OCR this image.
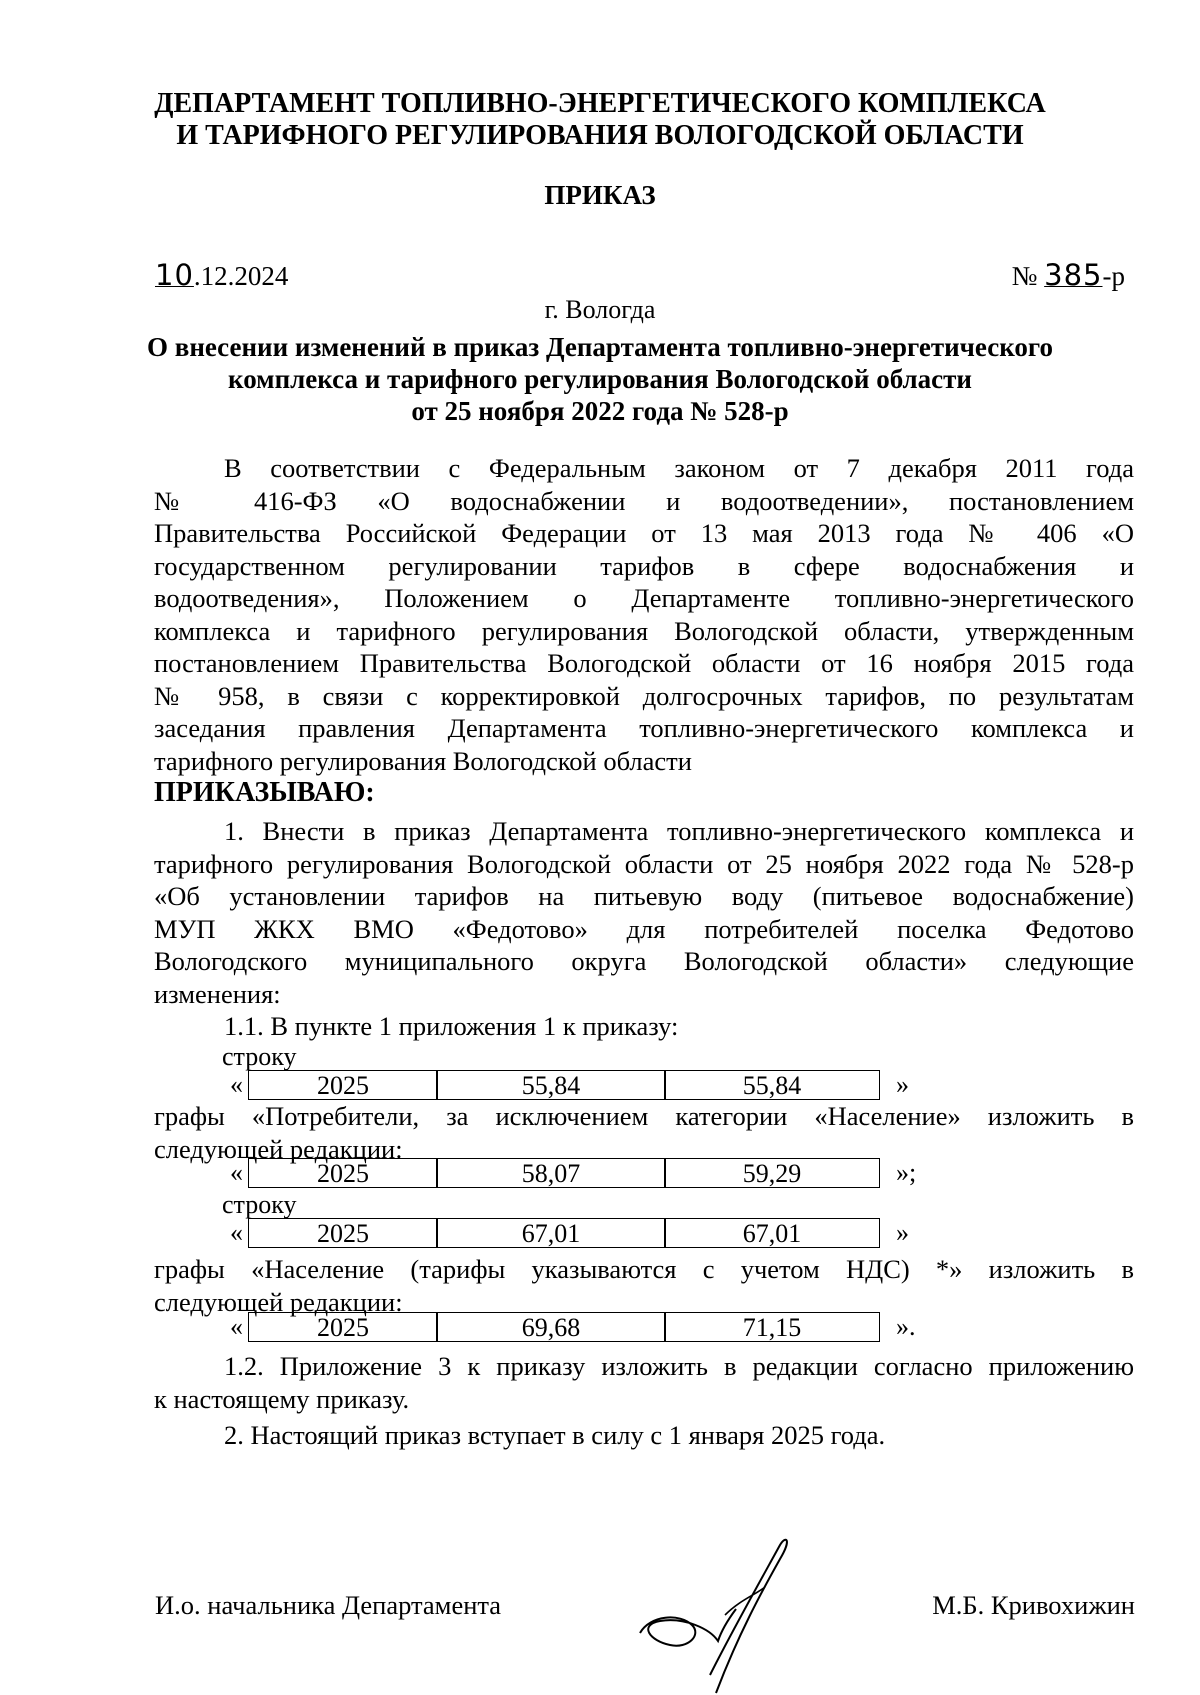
ДЕПАРТАМЕНТ ТОПЛИВНО-ЭНЕРГЕТИЧЕСКОГО КОМПЛЕКСА
И ТАРИФНОГО РЕГУЛИРОВАНИЯ ВОЛОГОДСКОЙ ОБЛАСТИ
ПРИКАЗ
10.12.2024	№ 385-р
г. Вологда
О внесении изменений в приказ Департамента топливно-энергетического
комплекса и тарифного регулирования Вологодской области
от 25 ноября 2022 года № 528-р
В соответствии с Федеральным законом от 7 декабря 2011 года
№ 416-ФЗ «О водоснабжении и водоотведении», постановлением
Правительства Российской Федерации от 13 мая 2013 года № 406 «О
государственном регулировании тарифов в сфере водоснабжения и
водоотведения», Положением о Департаменте топливно-энергетического
комплекса и тарифного регулирования Вологодской области, утвержденным
постановлением Правительства Вологодской области от 16 ноября 2015 года
№ 958, в связи с корректировкой долгосрочных тарифов, по результатам
заседания правления Департамента топливно-энергетического комплекса и
тарифного регулирования Вологодской области
ПРИКАЗЫВАЮ:
1. Внести в приказ Департамента топливно-энергетического комплекса и
тарифного регулирования Вологодской области от 25 ноября 2022 года № 528-р
«Об установлении тарифов на питьевую воду (питьевое водоснабжение)
МУП ЖКХ ВМО «Федотово» для потребителей поселка Федотово
Вологодского муниципального округа Вологодской области» следующие
изменения:
1.1. В пункте 1 приложения 1 к приказу:
строку
«	2025	55,84	55,84	»
графы «Потребители, за исключением категории «Население» изложить в
следующей редакции:
«	2025	58,07	59,29	»;
строку
«	2025	67,01	67,01	»
графы «Население (тарифы указываются с учетом НДС) *» изложить в
следующей редакции:
«	2025	69,68	71,15	».
1.2. Приложение 3 к приказу изложить в редакции согласно приложению
к настоящему приказу.
2. Настоящий приказ вступает в силу с 1 января 2025 года.
И.о. начальника Департамента	М.Б. Кривохижин
